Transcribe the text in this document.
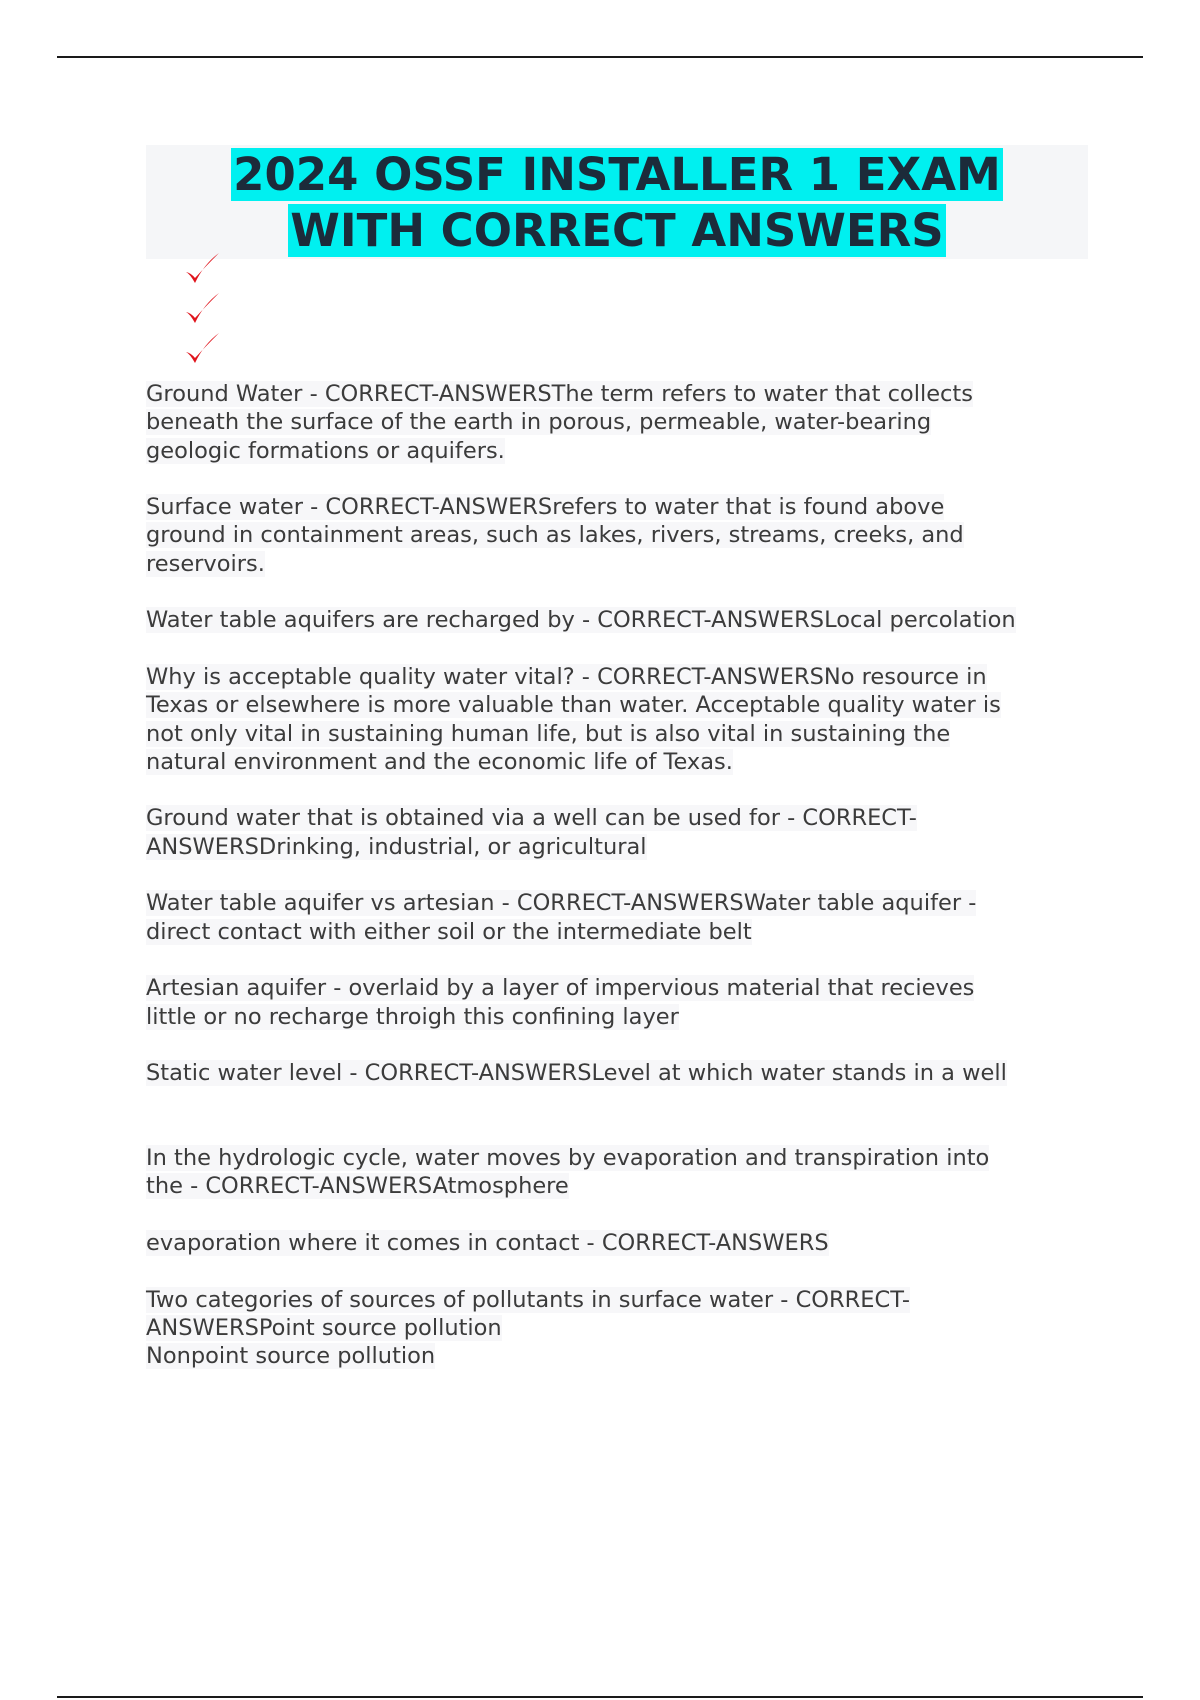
2024 OSSF INSTALLER 1 EXAM
WITH CORRECT ANSWERS

Ground Water - CORRECT-ANSWERSThe term refers to water that collects
beneath the surface of the earth in porous, permeable, water-bearing
geologic formations or aquifers.

Surface water - CORRECT-ANSWERSrefers to water that is found above
ground in containment areas, such as lakes, rivers, streams, creeks, and
reservoirs.

Water table aquifers are recharged by - CORRECT-ANSWERSLocal percolation

Why is acceptable quality water vital? - CORRECT-ANSWERSNo resource in
Texas or elsewhere is more valuable than water. Acceptable quality water is
not only vital in sustaining human life, but is also vital in sustaining the
natural environment and the economic life of Texas.

Ground water that is obtained via a well can be used for - CORRECT-
ANSWERSDrinking, industrial, or agricultural

Water table aquifer vs artesian - CORRECT-ANSWERSWater table aquifer -
direct contact with either soil or the intermediate belt

Artesian aquifer - overlaid by a layer of impervious material that recieves
little or no recharge throigh this confining layer

Static water level - CORRECT-ANSWERSLevel at which water stands in a well

In the hydrologic cycle, water moves by evaporation and transpiration into
the - CORRECT-ANSWERSAtmosphere

evaporation where it comes in contact - CORRECT-ANSWERS

Two categories of sources of pollutants in surface water - CORRECT-
ANSWERSPoint source pollution
Nonpoint source pollution
